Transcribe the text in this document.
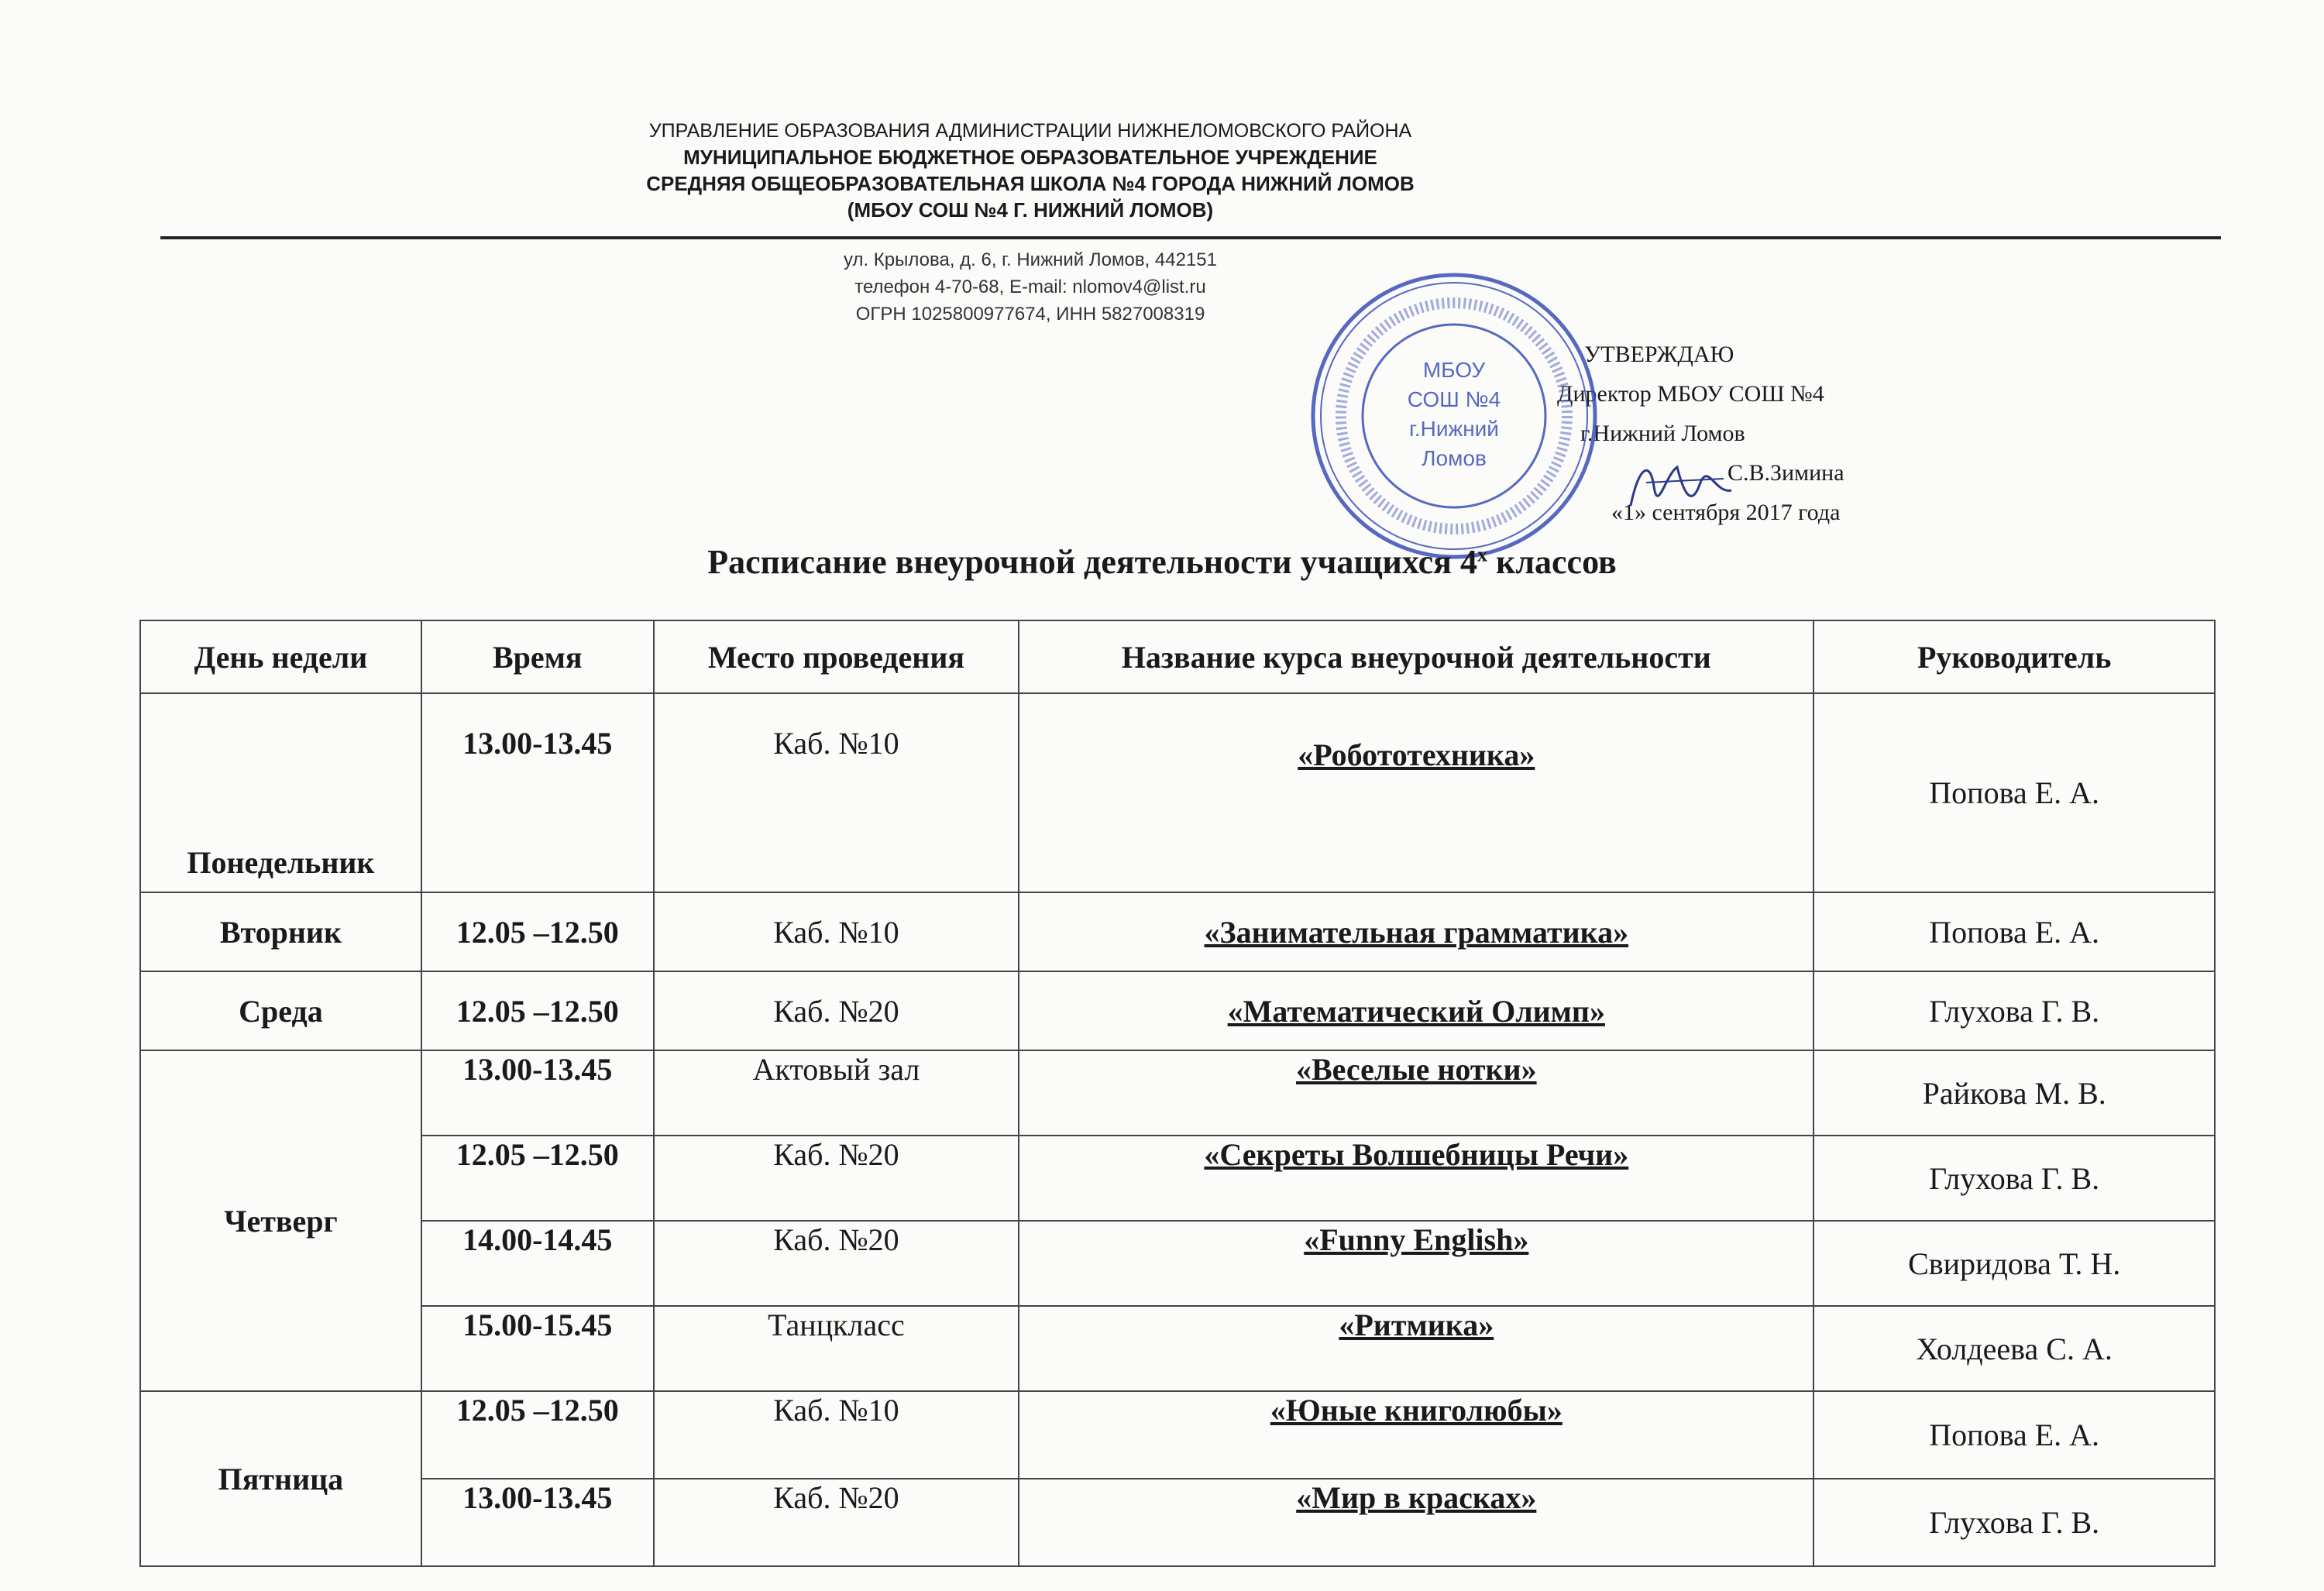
УПРАВЛЕНИЕ ОБРАЗОВАНИЯ АДМИНИСТРАЦИИ НИЖНЕЛОМОВСКОГО РАЙОНА
МУНИЦИПАЛЬНОЕ БЮДЖЕТНОЕ ОБРАЗОВАТЕЛЬНОЕ УЧРЕЖДЕНИЕ
СРЕДНЯЯ ОБЩЕОБРАЗОВАТЕЛЬНАЯ ШКОЛА №4 ГОРОДА НИЖНИЙ ЛОМОВ
(МБОУ СОШ №4 Г. НИЖНИЙ ЛОМОВ)
ул. Крылова, д. 6, г. Нижний Ломов, 442151
телефон 4-70-68, E-mail: nlomov4@list.ru
ОГРН 1025800977674, ИНН 5827008319
УТВЕРЖДАЮ
Директор МБОУ СОШ №4
г.Нижний Ломов
С.В.Зимина
«1» сентября 2017 года
МБОУ
СОШ №4
г.Нижний
Ломов
Расписание внеурочной деятельности учащихся $4^х$ классов
День недели	Время	Место проведения	Название курса внеурочной деятельности	Руководитель
Понедельник	13.00-13.45	Каб. №10	«Робототехника»	Попова Е. А.
Вторник	12.05 –12.50	Каб. №10	«Занимательная грамматика»	Попова Е. А.
Среда	12.05 –12.50	Каб. №20	«Математический Олимп»	Глухова Г. В.
Четверг	13.00-13.45	Актовый зал	«Веселые нотки»	Райкова М. В.
	12.05 –12.50	Каб. №20	«Секреты Волшебницы Речи»	Глухова Г. В.
	14.00-14.45	Каб. №20	«Funny English»	Свиридова Т. Н.
	15.00-15.45	Танцкласс	«Ритмика»	Холдеева С. А.
Пятница	12.05 –12.50	Каб. №10	«Юные книголюбы»	Попова Е. А.
	13.00-13.45	Каб. №20	«Мир в красках»	Глухова Г. В.
